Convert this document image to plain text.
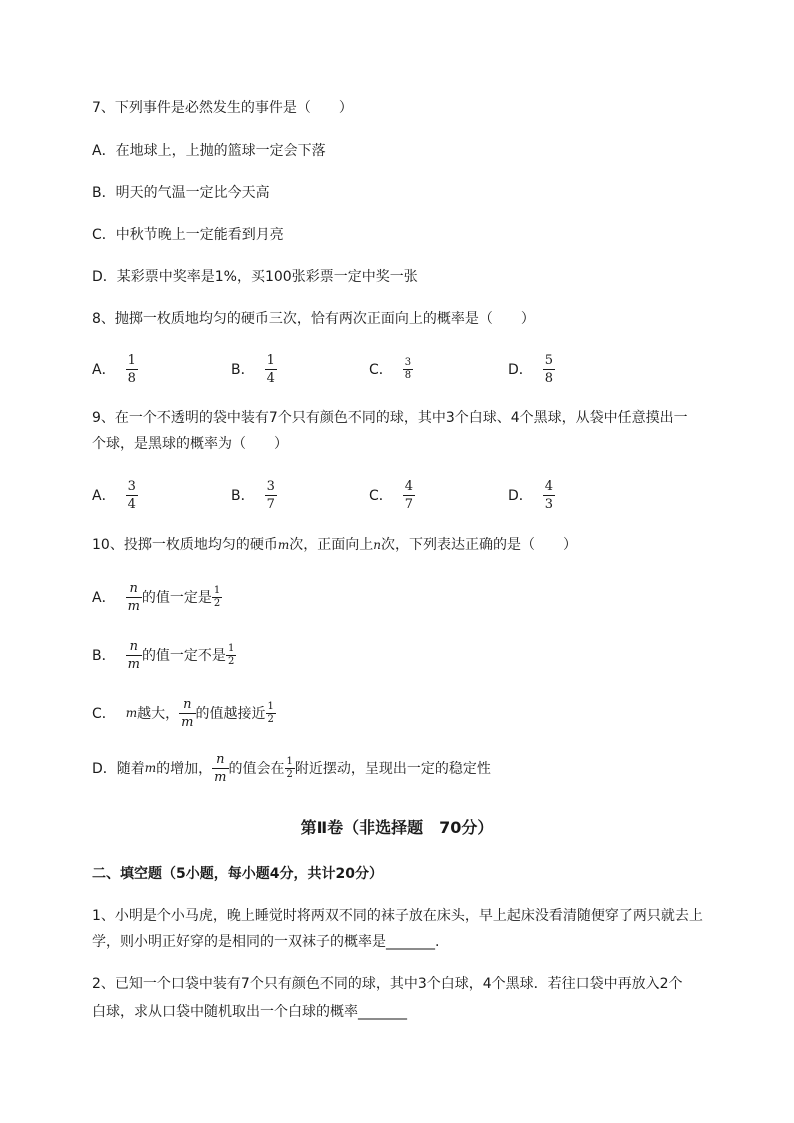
7、下列事件是必然发生的事件是（　　）
A．在地球上，上抛的篮球一定会下落
B．明天的气温一定比今天高
C．中秋节晚上一定能看到月亮
D．某彩票中奖率是1%，买100张彩票一定中奖一张
8、抛掷一枚质地均匀的硬币三次，恰有两次正面向上的概率是（　　）
A． $\frac{1}{8}$	B． $\frac{1}{4}$	C． $\frac{3}{8}$	D． $\frac{5}{8}$
9、在一个不透明的袋中装有7个只有颜色不同的球，其中3个白球、4个黑球，从袋中任意摸出一
个球，是黑球的概率为（　　）
A． $\frac{3}{4}$	B． $\frac{3}{7}$	C． $\frac{4}{7}$	D． $\frac{4}{3}$
10、投掷一枚质地均匀的硬币m次，正面向上n次，下列表达正确的是（　　）
A． $\frac{n}{m}$ 的值一定是 $\frac{1}{2}$
B． $\frac{n}{m}$ 的值一定不是 $\frac{1}{2}$
C． m 越大， $\frac{n}{m}$ 的值越接近 $\frac{1}{2}$
D．随着 m 的增加， $\frac{n}{m}$ 的值会在 $\frac{1}{2}$ 附近摆动，呈现出一定的稳定性
第Ⅱ卷（非选择题　70分）
二、填空题（5小题，每小题4分，共计20分）
1、小明是个小马虎，晚上睡觉时将两双不同的袜子放在床头，早上起床没看清随便穿了两只就去上
学，则小明正好穿的是相同的一双袜子的概率是_______.
2、已知一个口袋中装有7个只有颜色不同的球，其中3个白球，4个黑球．若往口袋中再放入2个
白球，求从口袋中随机取出一个白球的概率_______
